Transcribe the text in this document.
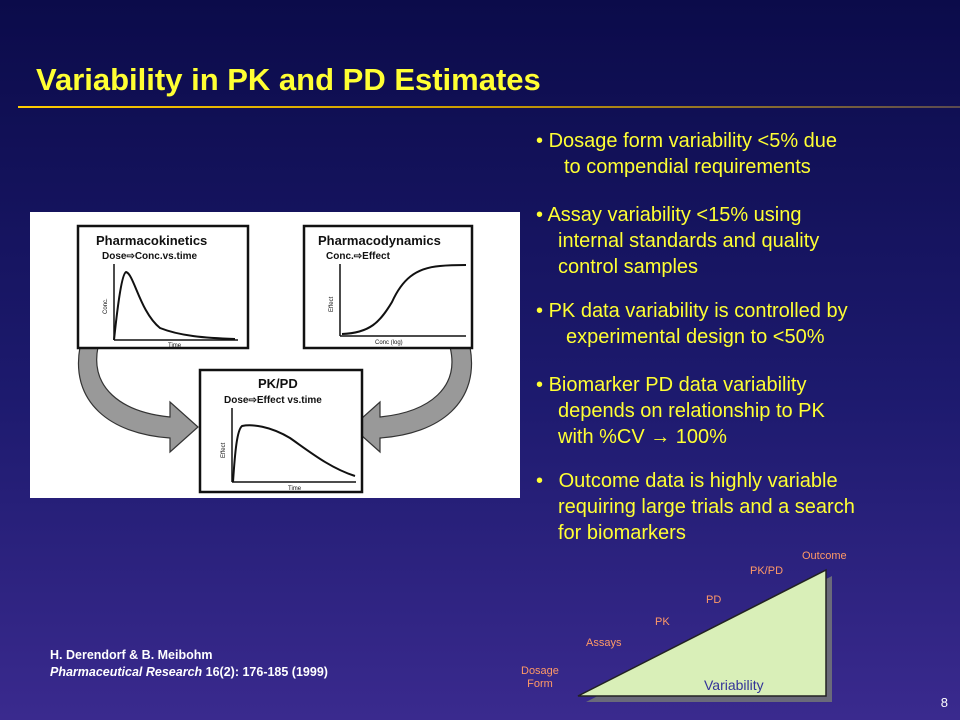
Variability in PK and PD Estimates
Pharmacokinetics
Dose⇨Conc.vs.time
Conc.
Time
Pharmacodynamics
Conc.⇨Effect
Effect
Conc (log)
PK/PD
Dose⇨Effect vs.time
Effect
Time
• Dosage form variability <5% due
to compendial requirements
• Assay variability <15% using
internal standards and quality
control samples
• PK data variability is controlled by
experimental design to <50%
• Biomarker PD data variability
depends on relationship to PK
with %CV → 100%
• Outcome data is highly variable
requiring large trials and a search
for biomarkers
H. Derendorf & B. Meibohm
Pharmaceutical Research 16(2): 176-185 (1999)
Variability
Dosage
Form
Assays
PK
PD
PK/PD
Outcome
8
